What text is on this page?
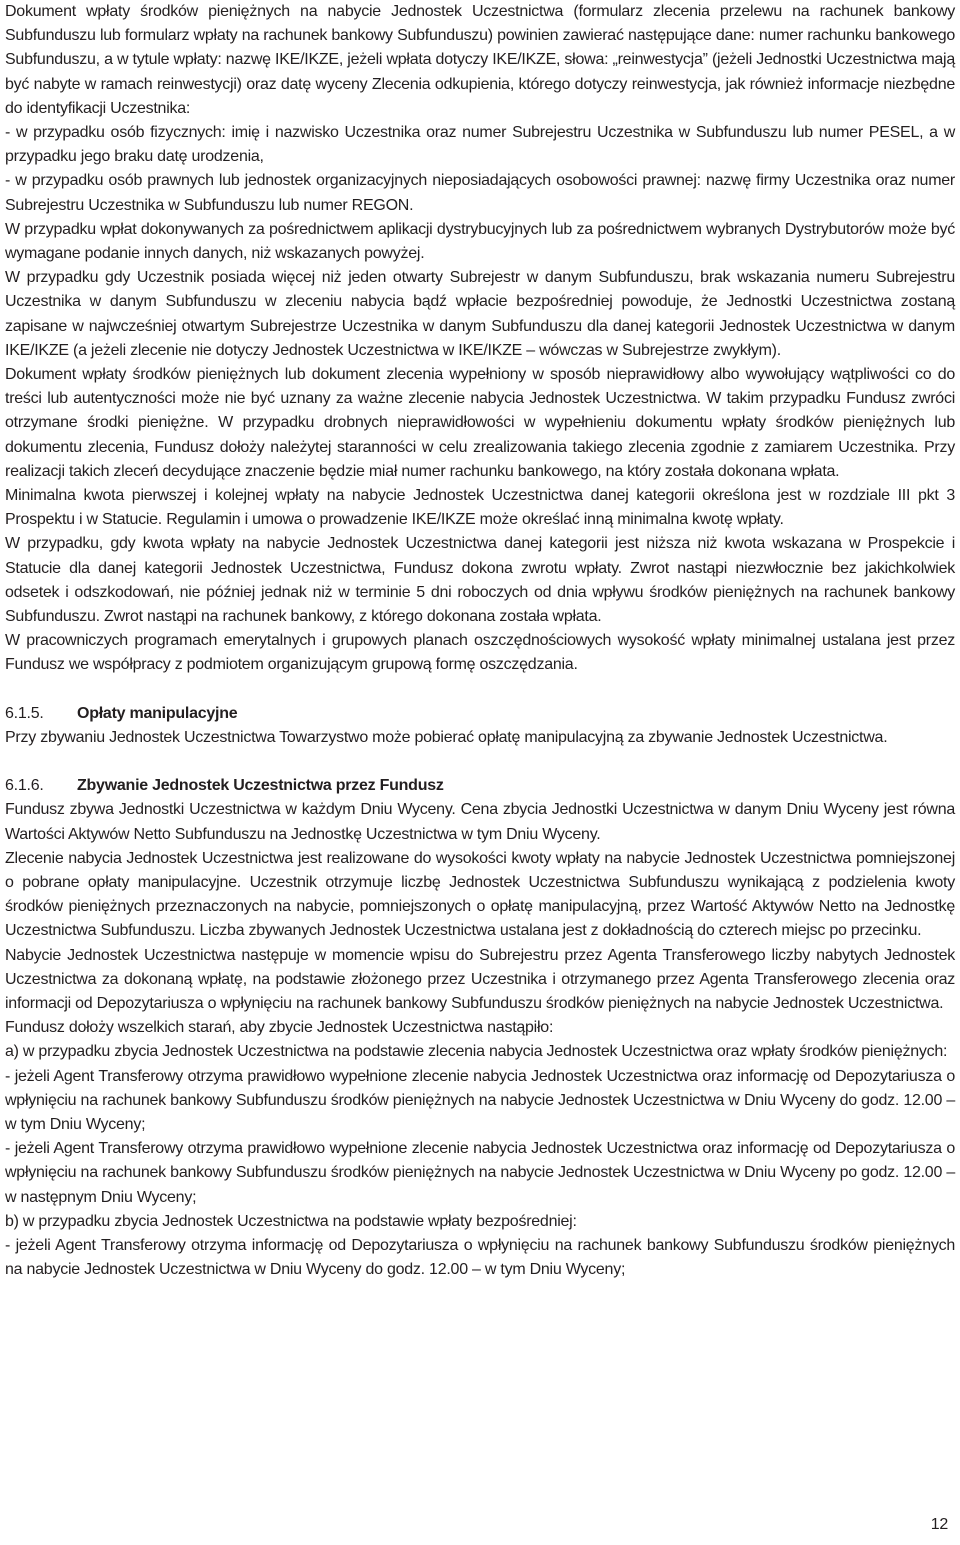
Dokument wpłaty środków pieniężnych na nabycie Jednostek Uczestnictwa (formularz zlecenia przelewu na rachunek bankowy Subfunduszu lub formularz wpłaty na rachunek bankowy Subfunduszu) powinien zawierać następujące dane: numer rachunku bankowego Subfunduszu, a w tytule wpłaty: nazwę IKE/IKZE, jeżeli wpłata dotyczy IKE/IKZE, słowa: „reinwestycja” (jeżeli Jednostki Uczestnictwa mają być nabyte w ramach reinwestycji) oraz datę wyceny Zlecenia odkupienia, którego dotyczy reinwestycja, jak również informacje niezbędne do identyfikacji Uczestnika:

- w przypadku osób fizycznych: imię i nazwisko Uczestnika oraz numer Subrejestru Uczestnika w Subfunduszu lub numer PESEL, a w przypadku jego braku datę urodzenia,

- w przypadku osób prawnych lub jednostek organizacyjnych nieposiadających osobowości prawnej: nazwę firmy Uczestnika oraz numer Subrejestru Uczestnika w Subfunduszu lub numer REGON.

W przypadku wpłat dokonywanych za pośrednictwem aplikacji dystrybucyjnych lub za pośrednictwem wybranych Dystrybutorów może być wymagane podanie innych danych, niż wskazanych powyżej.

W przypadku gdy Uczestnik posiada więcej niż jeden otwarty Subrejestr w danym Subfunduszu, brak wskazania numeru Subrejestru Uczestnika w danym Subfunduszu w zleceniu nabycia bądź wpłacie bezpośredniej powoduje, że Jednostki Uczestnictwa zostaną zapisane w najwcześniej otwartym Subrejestrze Uczestnika w danym Subfunduszu dla danej kategorii Jednostek Uczestnictwa w danym IKE/IKZE (a jeżeli zlecenie nie dotyczy Jednostek Uczestnictwa w IKE/IKZE – wówczas w Subrejestrze zwykłym).

Dokument wpłaty środków pieniężnych lub dokument zlecenia wypełniony w sposób nieprawidłowy albo wywołujący wątpliwości co do treści lub autentyczności może nie być uznany za ważne zlecenie nabycia Jednostek Uczestnictwa. W takim przypadku Fundusz zwróci otrzymane środki pieniężne. W przypadku drobnych nieprawidłowości w wypełnieniu dokumentu wpłaty środków pieniężnych lub dokumentu zlecenia, Fundusz dołoży należytej staranności w celu zrealizowania takiego zlecenia zgodnie z zamiarem Uczestnika. Przy realizacji takich zleceń decydujące znaczenie będzie miał numer rachunku bankowego, na który została dokonana wpłata.

Minimalna kwota pierwszej i kolejnej wpłaty na nabycie Jednostek Uczestnictwa danej kategorii określona jest w rozdziale III pkt 3 Prospektu i w Statucie. Regulamin i umowa o prowadzenie IKE/IKZE może określać inną minimalna kwotę wpłaty.

W przypadku, gdy kwota wpłaty na nabycie Jednostek Uczestnictwa danej kategorii jest niższa niż kwota wskazana w Prospekcie i Statucie dla danej kategorii Jednostek Uczestnictwa, Fundusz dokona zwrotu wpłaty. Zwrot nastąpi niezwłocznie bez jakichkolwiek odsetek i odszkodowań, nie później jednak niż w terminie 5 dni roboczych od dnia wpływu środków pieniężnych na rachunek bankowy Subfunduszu. Zwrot nastąpi na rachunek bankowy, z którego dokonana została wpłata.

W pracowniczych programach emerytalnych i grupowych planach oszczędnościowych wysokość wpłaty minimalnej ustalana jest przez Fundusz we współpracy z podmiotem organizującym grupową formę oszczędzania.

6.1.5.	Opłaty manipulacyjne

Przy zbywaniu Jednostek Uczestnictwa Towarzystwo może pobierać opłatę manipulacyjną za zbywanie Jednostek Uczestnictwa.

6.1.6.	Zbywanie Jednostek Uczestnictwa przez Fundusz

Fundusz zbywa Jednostki Uczestnictwa w każdym Dniu Wyceny. Cena zbycia Jednostki Uczestnictwa w danym Dniu Wyceny jest równa Wartości Aktywów Netto Subfunduszu na Jednostkę Uczestnictwa w tym Dniu Wyceny.

Zlecenie nabycia Jednostek Uczestnictwa jest realizowane do wysokości kwoty wpłaty na nabycie Jednostek Uczestnictwa pomniejszonej o pobrane opłaty manipulacyjne. Uczestnik otrzymuje liczbę Jednostek Uczestnictwa Subfunduszu wynikającą z podzielenia kwoty środków pieniężnych przeznaczonych na nabycie, pomniejszonych o opłatę manipulacyjną, przez Wartość Aktywów Netto na Jednostkę Uczestnictwa Subfunduszu. Liczba zbywanych Jednostek Uczestnictwa ustalana jest z dokładnością do czterech miejsc po przecinku.

Nabycie Jednostek Uczestnictwa następuje w momencie wpisu do Subrejestru przez Agenta Transferowego liczby nabytych Jednostek Uczestnictwa za dokonaną wpłatę, na podstawie złożonego przez Uczestnika i otrzymanego przez Agenta Transferowego zlecenia oraz informacji od Depozytariusza o wpłynięciu na rachunek bankowy Subfunduszu środków pieniężnych na nabycie Jednostek Uczestnictwa.

Fundusz dołoży wszelkich starań, aby zbycie Jednostek Uczestnictwa nastąpiło:

a) w przypadku zbycia Jednostek Uczestnictwa na podstawie zlecenia nabycia Jednostek Uczestnictwa oraz wpłaty środków pieniężnych:

- jeżeli Agent Transferowy otrzyma prawidłowo wypełnione zlecenie nabycia Jednostek Uczestnictwa oraz informację od Depozytariusza o wpłynięciu na rachunek bankowy Subfunduszu środków pieniężnych na nabycie Jednostek Uczestnictwa w Dniu Wyceny do godz. 12.00 – w tym Dniu Wyceny;

- jeżeli Agent Transferowy otrzyma prawidłowo wypełnione zlecenie nabycia Jednostek Uczestnictwa oraz informację od Depozytariusza o wpłynięciu na rachunek bankowy Subfunduszu środków pieniężnych na nabycie Jednostek Uczestnictwa w Dniu Wyceny po godz. 12.00 – w następnym Dniu Wyceny;

b) w przypadku zbycia Jednostek Uczestnictwa na podstawie wpłaty bezpośredniej:

- jeżeli Agent Transferowy otrzyma informację od Depozytariusza o wpłynięciu na rachunek bankowy Subfunduszu środków pieniężnych na nabycie Jednostek Uczestnictwa w Dniu Wyceny do godz. 12.00 – w tym Dniu Wyceny;

12
